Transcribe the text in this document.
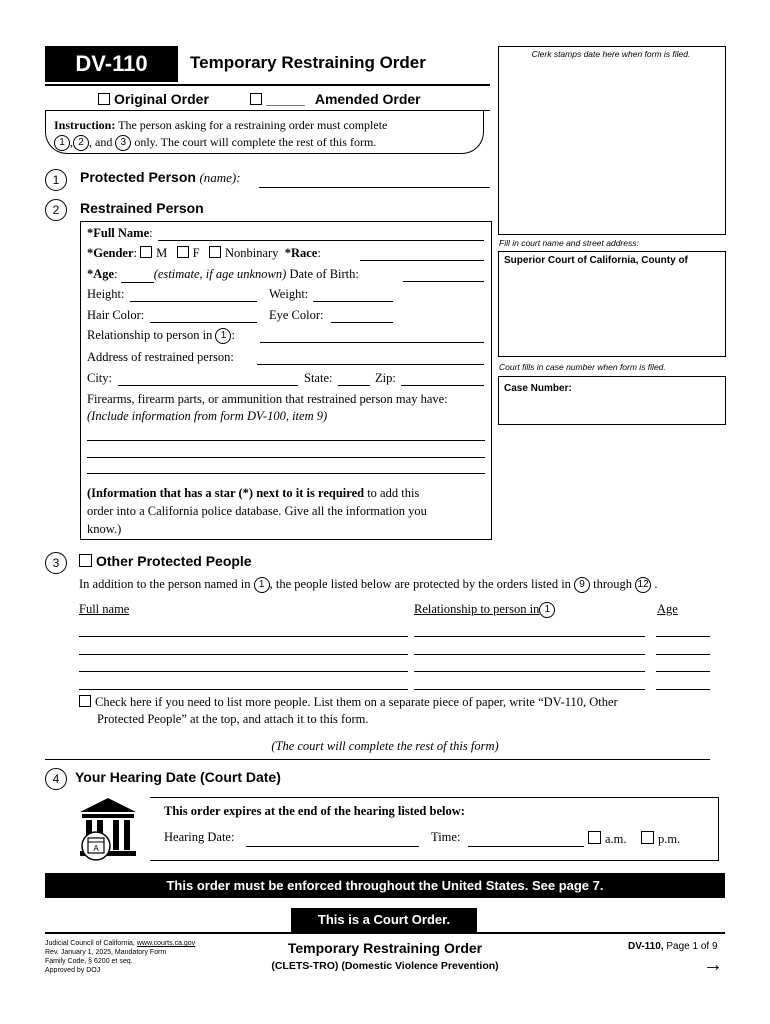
DV-110	Temporary Restraining Order
Original Order	_____ Amended Order
Clerk stamps date here when form is filed.
Instruction: The person asking for a restraining order must complete
1 , 2 , and 3 only. The court will complete the rest of this form.
Fill in court name and street address:
Superior Court of California, County of
Court fills in case number when form is filed.
Case Number:
1	Protected Person (name):
2	Restrained Person
*Full Name:
*Gender: M F Nonbinary *Race:
*Age:	(estimate, if age unknown) Date of Birth:
Height:	Weight:
Hair Color:	Eye Color:
Relationship to person in 1 :
Address of restrained person:
City:	State:	Zip:
Firearms, firearm parts, or ammunition that restrained person may have:
(Include information from form DV-100, item 9)
(Information that has a star (*) next to it is required to add this
order into a California police database. Give all the information you
know.)
3	Other Protected People
In addition to the person named in 1 , the people listed below are protected by the orders listed in 9 through 12 .
Full name	Relationship to person in 1	Age
Check here if you need to list more people. List them on a separate piece of paper, write “DV-110, Other
Protected People” at the top, and attach it to this form.
(The court will complete the rest of this form)
4	Your Hearing Date (Court Date)
A
This order expires at the end of the hearing listed below:
Hearing Date:	Time:	a.m.	p.m.
This order must be enforced throughout the United States. See page 7.
This is a Court Order.
Judicial Council of California, www.courts.ca.gov
Rev. January 1, 2025, Mandatory Form
Family Code, § 6200 et seq.
Approved by DOJ
Temporary Restraining Order
(CLETS-TRO) (Domestic Violence Prevention)
DV-110, Page 1 of 9
→
